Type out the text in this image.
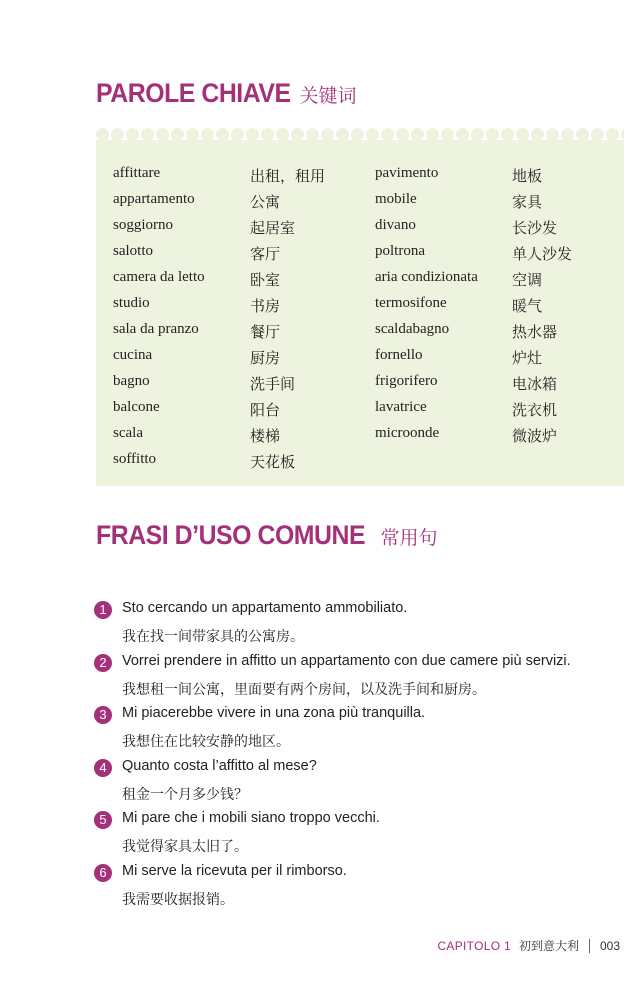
PAROLE CHIAVE 关键词
affittare	出租，租用	pavimento	地板
appartamento	公寓	mobile	家具
soggiorno	起居室	divano	长沙发
salotto	客厅	poltrona	单人沙发
camera da letto	卧室	aria condizionata 空调
studio	书房	termosifone	暖气
sala da pranzo	餐厅	scaldabagno	热水器
cucina	厨房	fornello	炉灶
bagno	洗手间	frigorifero	电冰箱
balcone	阳台	lavatrice	洗衣机
scala	楼梯	microonde	微波炉
soffitto	天花板
FRASI D’USO COMUNE 常用句
1	Sto cercando un appartamento ammobiliato.
我在找一间带家具的公寓房。
2	Vorrei prendere in affitto un appartamento con due camere più servizi.
我想租一间公寓，里面要有两个房间，以及洗手间和厨房。
3	Mi piacerebbe vivere in una zona più tranquilla.
我想住在比较安静的地区。
4	Quanto costa l’affitto al mese?
租金一个月多少钱？
5	Mi pare che i mobili siano troppo vecchi.
我觉得家具太旧了。
6	Mi serve la ricevuta per il rimborso.
我需要收据报销。
CAPITOLO 1 初到意大利 003
